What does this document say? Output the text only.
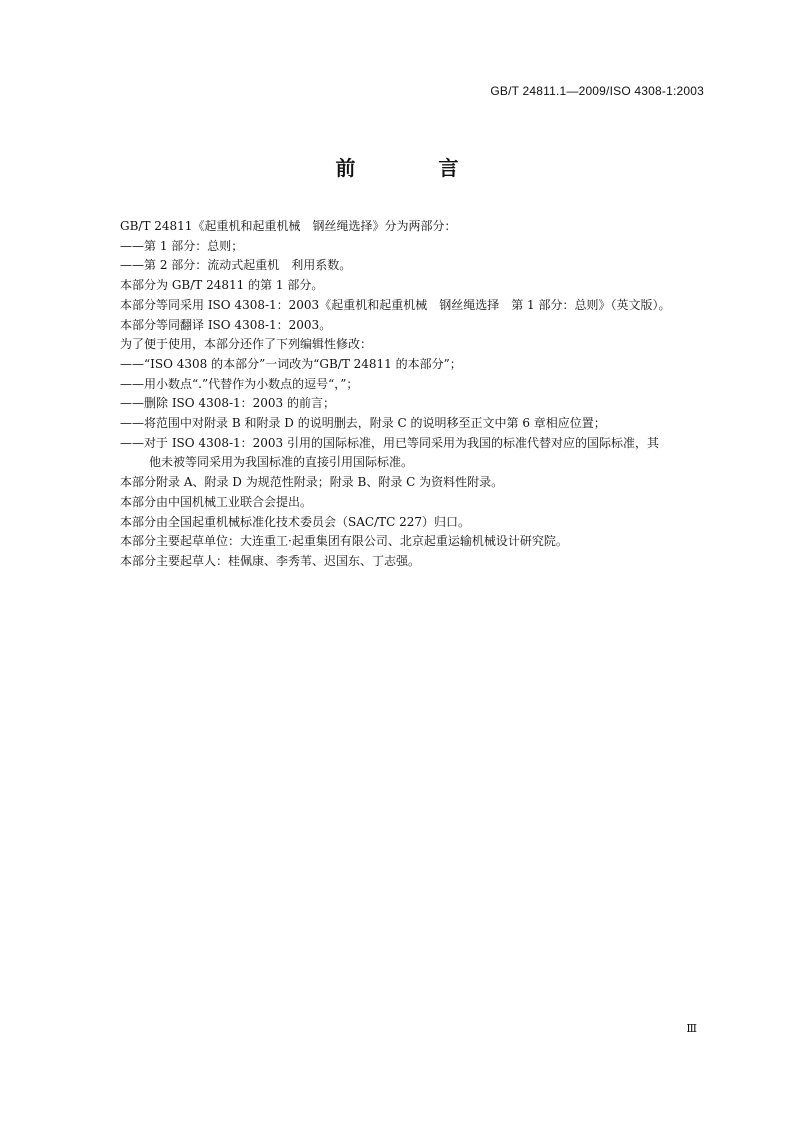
GB/T 24811.1—2009/ISO 4308-1:2003
前 言

GB/T 24811《起重机和起重机械　钢丝绳选择》分为两部分：

——第 1 部分：总则；

——第 2 部分：流动式起重机　利用系数。

本部分为 GB/T 24811 的第 1 部分。

本部分等同采用 ISO 4308-1：2003《起重机和起重机械　钢丝绳选择　第 1 部分：总则》（英文版）。

本部分等同翻译 ISO 4308-1：2003。

为了便于使用，本部分还作了下列编辑性修改：

——“ISO 4308 的本部分”一词改为“GB/T 24811 的本部分”；

——用小数点“.”代替作为小数点的逗号“，”；

——删除 ISO 4308-1：2003 的前言；

——将范围中对附录 B 和附录 D 的说明删去，附录 C 的说明移至正文中第 6 章相应位置；

——对于 ISO 4308-1：2003 引用的国际标准，用已等同采用为我国的标准代替对应的国际标准，其

他未被等同采用为我国标准的直接引用国际标准。

本部分附录 A、附录 D 为规范性附录；附录 B、附录 C 为资料性附录。

本部分由中国机械工业联合会提出。

本部分由全国起重机械标准化技术委员会（SAC/TC 227）归口。

本部分主要起草单位：大连重工·起重集团有限公司、北京起重运输机械设计研究院。

本部分主要起草人：桂佩康、李秀苇、迟国东、丁志强。

Ⅲ
